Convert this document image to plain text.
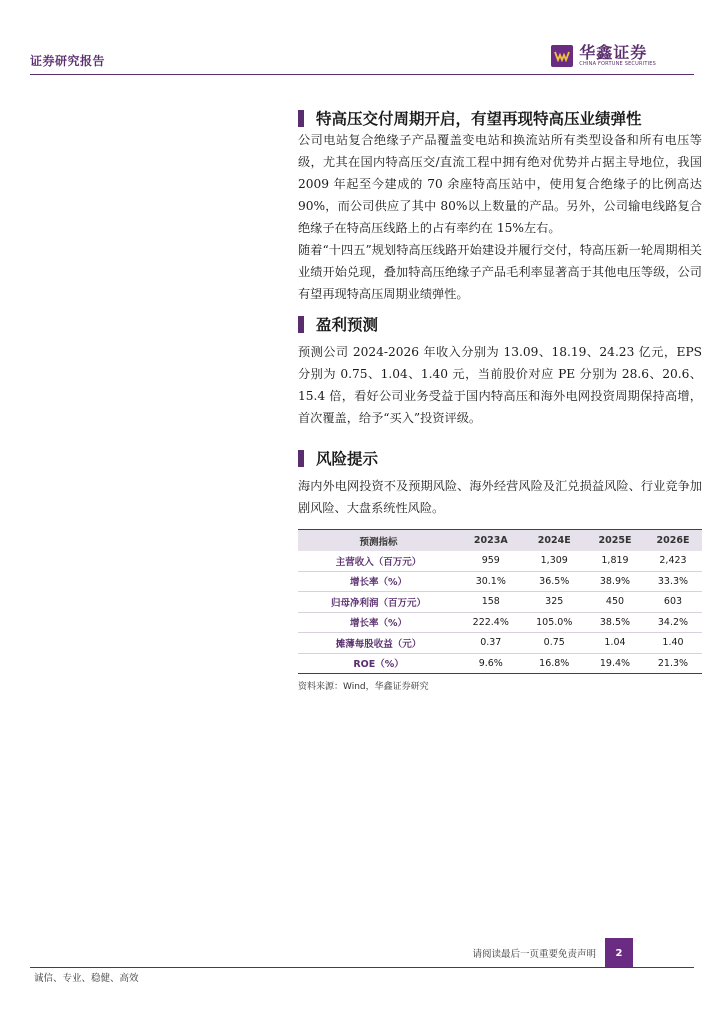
证券研究报告	华鑫证券
CHINA FORTUNE SECURITIES
特高压交付周期开启，有望再现特高压业绩弹性

公司电站复合绝缘子产品覆盖变电站和换流站所有类型设备和所有电压等级，尤其在国内特高压交/直流工程中拥有绝对优势并占据主导地位，我国 2009 年起至今建成的 70 余座特高压站中，使用复合绝缘子的比例高达 90%，而公司供应了其中 80%以上数量的产品。另外，公司输电线路复合绝缘子在特高压线路上的占有率约在 15%左右。

随着“十四五”规划特高压线路开始建设并履行交付，特高压新一轮周期相关业绩开始兑现，叠加特高压绝缘子产品毛利率显著高于其他电压等级，公司有望再现特高压周期业绩弹性。

盈利预测

预测公司 2024-2026 年收入分别为 13.09、18.19、24.23 亿元，EPS 分别为 0.75、1.04、1.40 元，当前股价对应 PE 分别为 28.6、20.6、15.4 倍，看好公司业务受益于国内特高压和海外电网投资周期保持高增，首次覆盖，给予“买入”投资评级。

风险提示

海内外电网投资不及预期风险、海外经营风险及汇兑损益风险、行业竞争加剧风险、大盘系统性风险。

预测指标	2023A	2024E	2025E	2026E
主营收入（百万元）	959	1,309	1,819	2,423
增长率（%）	30.1%	36.5%	38.9%	33.3%
归母净利润（百万元）	158	325	450	603
增长率（%）	222.4%	105.0%	38.5%	34.2%
摊薄每股收益（元）	0.37	0.75	1.04	1.40
ROE（%）	9.6%	16.8%	19.4%	21.3%
资料来源：Wind，华鑫证券研究
请阅读最后一页重要免责声明	2
诚信、专业、稳健、高效
